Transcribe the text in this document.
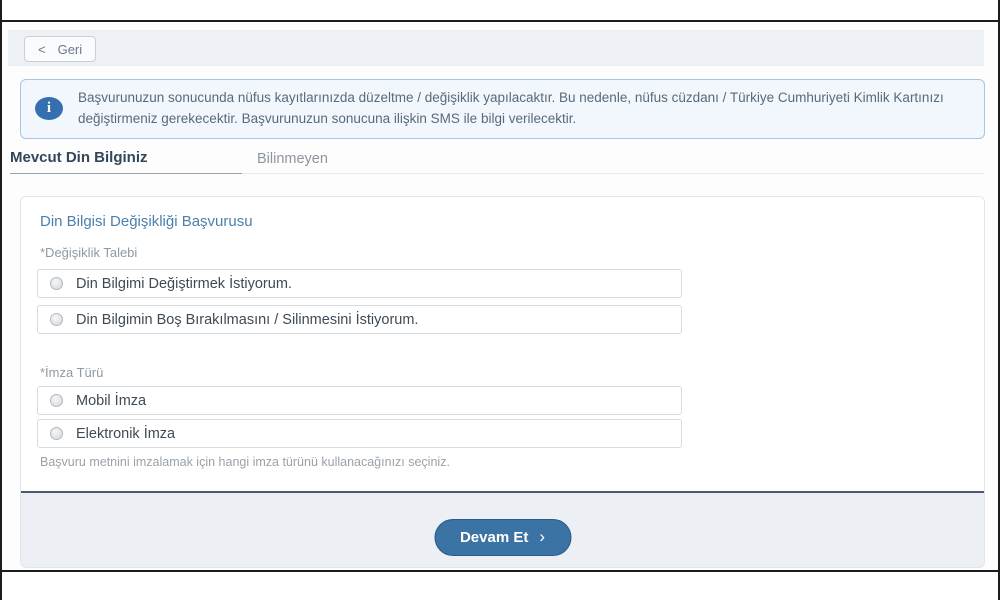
< Geri
i
Başvurunuzun sonucunda nüfus kayıtlarınızda düzeltme / değişiklik yapılacaktır. Bu nedenle, nüfus cüzdanı / Türkiye Cumhuriyeti Kimlik Kartınızı değiştirmeniz gerekecektir. Başvurunuzun sonucuna ilişkin SMS ile bilgi verilecektir.
Mevcut Din Bilginiz	Bilinmeyen
Din Bilgisi Değişikliği Başvurusu
*Değişiklik Talebi
Din Bilgimi Değiştirmek İstiyorum.
Din Bilgimin Boş Bırakılmasını / Silinmesini İstiyorum.
*İmza Türü
Mobil İmza
Elektronik İmza
Başvuru metnini imzalamak için hangi imza türünü kullanacağınızı seçiniz.
Devam Et ›
